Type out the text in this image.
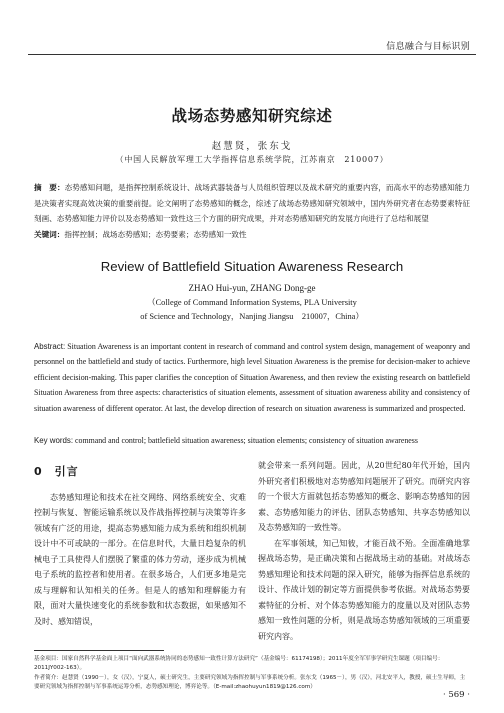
信息融合与目标识别
战场态势感知研究综述
赵慧贤，张东戈
（中国人民解放军理工大学指挥信息系统学院，江苏南京　210007）
摘　要：态势感知问题，是指挥控制系统设计、战场武器装备与人员组织管理以及战术研究的重要内容，而高水平的态势感知能力是决策者实现高效决策的重要前提。论文阐明了态势感知的概念，综述了战场态势感知研究领域中，国内外研究者在态势要素特征刻画、态势感知能力评价以及态势感知一致性这三个方面的研究成果，并对态势感知研究的发展方向进行了总结和展望
关键词：指挥控制；战场态势感知；态势要素；态势感知一致性
Review of Battlefield Situation Awareness Research
ZHAO Hui-yun, ZHANG Dong-ge
（College of Command Information Systems, PLA University
of Science and Technology，Nanjing Jiangsu　210007，China）
Abstract: Situation Awareness is an important content in research of command and control system design, management of weaponry and personnel on the battlefield and study of tactics. Furthermore, high level Situation Awareness is the premise for decision-maker to achieve efficient decision-making. This paper clarifies the conception of Situation Awareness, and then review the existing research on battlefield Situation Awareness from three aspects: characteristics of situation elements, assessment of situation awareness ability and consistency of situation awareness of different operator. At last, the develop direction of research on situation awareness is summarized and prospected.
Key words: command and control; battlefield situation awareness; situation elements; consistency of situation awareness
0　引言

态势感知理论和技术在社交网络、网络系统安全、灾难控制与恢复、智能运输系统以及作战指挥控制与决策等许多领域有广泛的用途，提高态势感知能力成为系统和组织机制设计中不可或缺的一部分。在信息时代，大量日趋复杂的机械电子工具使得人们摆脱了繁重的体力劳动，逐步成为机械电子系统的监控者和使用者。在很多场合，人们更多地是完成与理解和认知相关的任务。但是人的感知和理解能力有限，面对大量快速变化的系统参数和状态数据，如果感知不及时、感知错误，

就会带来一系列问题。因此，从20世纪80年代开始，国内外研究者们积极地对态势感知问题展开了研究。而研究内容的一个很大方面就包括态势感知的概念、影响态势感知的因素、态势感知能力的评估、团队态势感知、共享态势感知以及态势感知的一致性等。

在军事领域，知己知彼，才能百战不殆。全面准确地掌握战场态势，是正确决策和占据战场主动的基础。对战场态势感知理论和技术问题的深入研究，能够为指挥信息系统的设计、作战计划的制定等方面提供参考依据。对战场态势要素特征的分析、对个体态势感知能力的度量以及对团队态势感知一致性问题的分析，则是战场态势感知领域的三项重要研究内容。

基金项目：国家自然科学基金面上项目“面向武器系统协同的态势感知一致性计算方法研究”（基金编号：61174198）；2011年度全军军事学研究生课题（项目编号：2011JY002-163）。

作者简介：赵慧贤（1990－），女（汉），宁夏人，硕士研究生，主要研究领域为指挥控制与军事系统分析。张东戈（1965－），男（汉），河北安平人，教授，硕士生导师，主要研究领域为指挥控制与军事系统运筹分析，态势感知理论，博弈论等。（E-mail:zhaohuyun1819@126.com）

· 569 ·
